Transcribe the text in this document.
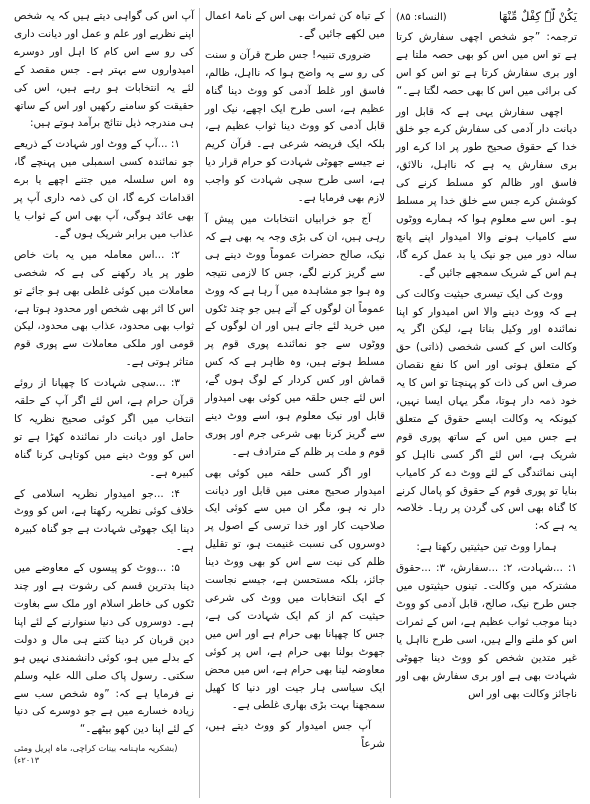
یَکُنْ لَّہٗ کِفْلٌ مِّنْھَا
(النساء: ۸۵)

ترجمہ: ”جو شخص اچھی سفارش کرتا ہے تو اس میں اس کو بھی حصہ ملتا ہے اور بری سفارش کرتا ہے تو اس کو اس کی برائی میں اس کا بھی حصہ لگتا ہے۔“

اچھی سفارش یہی ہے کہ قابل اور دیانت دار آدمی کی سفارش کرے جو خلق خدا کے حقوق صحیح طور پر ادا کرے اور بری سفارش یہ ہے کہ نااہل، نالائق، فاسق اور ظالم کو مسلط کرنے کی کوشش کرے جس سے خلق خدا پر مسلط ہو۔ اس سے معلوم ہوا کہ ہمارے ووٹوں سے کامیاب ہونے والا امیدوار اپنے پانچ سالہ دور میں جو نیک یا بد عمل کرے گا، ہم اس کے شریک سمجھے جائیں گے۔

ووٹ کی ایک تیسری حیثیت وکالت کی ہے کہ ووٹ دینے والا اس امیدوار کو اپنا نمائندہ اور وکیل بناتا ہے، لیکن اگر یہ وکالت اس کے کسی شخصی (ذاتی) حق کے متعلق ہوتی اور اس کا نفع نقصان صرف اس کی ذات کو پہنچتا تو اس کا یہ خود ذمہ دار ہوتا، مگر یہاں ایسا نہیں، کیونکہ یہ وکالت ایسے حقوق کے متعلق ہے جس میں اس کے ساتھ پوری قوم شریک ہے، اس لئے اگر کسی نااہل کو اپنی نمائندگی کے لئے ووٹ دے کر کامیاب بنایا تو پوری قوم کے حقوق کو پامال کرنے کا گناہ بھی اس کی گردن پر رہا۔ خلاصہ یہ ہے کہ:

ہمارا ووٹ تین حیثیتیں رکھتا ہے:

۱: ...شہادت، ۲: ...سفارش، ۳: ...حقوق مشترکہ میں وکالت۔ تینوں حیثیتوں میں جس طرح نیک، صالح، قابل آدمی کو ووٹ دینا موجب ثواب عظیم ہے، اس کے ثمرات اس کو ملنے والے ہیں، اسی طرح نااہل یا غیر متدین شخص کو ووٹ دینا جھوٹی شہادت بھی ہے اور بری سفارش بھی اور ناجائز وکالت بھی اور اس

کے تباہ کن ثمرات بھی اس کے نامۂ اعمال میں لکھے جائیں گے۔

ضروری تنبیہ! جس طرح قرآن و سنت کی رو سے یہ واضح ہوا کہ نااہل، ظالم، فاسق اور غلط آدمی کو ووٹ دینا گناہ عظیم ہے، اسی طرح ایک اچھے، نیک اور قابل آدمی کو ووٹ دینا ثواب عظیم ہے، بلکہ ایک فریضہ شرعی ہے۔ قرآن کریم نے جیسے جھوٹی شہادت کو حرام قرار دیا ہے، اسی طرح سچی شہادت کو واجب لازم بھی فرمایا ہے۔

آج جو خرابیاں انتخابات میں پیش آ رہی ہیں، ان کی بڑی وجہ یہ بھی ہے کہ نیک، صالح حضرات عموماً ووٹ دینے ہی سے گریز کرنے لگے، جس کا لازمی نتیجہ وہ ہوا جو مشاہدہ میں آ رہا ہے کہ ووٹ عموماً ان لوگوں کے آتے ہیں جو چند ٹکوں میں خرید لئے جاتے ہیں اور ان لوگوں کے ووٹوں سے جو نمائندے پوری قوم پر مسلط ہوتے ہیں، وہ ظاہر ہے کہ کس قماش اور کس کردار کے لوگ ہوں گے، اس لئے جس حلقہ میں کوئی بھی امیدوار قابل اور نیک معلوم ہو، اسے ووٹ دینے سے گریز کرنا بھی شرعی جرم اور پوری قوم و ملت پر ظلم کے مترادف ہے۔

اور اگر کسی حلقہ میں کوئی بھی امیدوار صحیح معنی میں قابل اور دیانت دار نہ ہو، مگر ان میں سے کوئی ایک صلاحیت کار اور خدا ترسی کے اصول پر دوسروں کی نسبت غنیمت ہو، تو تقلیل ظلم کی نیت سے اس کو بھی ووٹ دینا جائز، بلکہ مستحسن ہے، جیسے نجاست کے ایک انتخابات میں ووٹ کی شرعی حیثیت کم از کم ایک شہادت کی ہے، جس کا چھپانا بھی حرام ہے اور اس میں جھوٹ بولنا بھی حرام ہے، اس پر کوئی معاوضہ لینا بھی حرام ہے، اس میں محض ایک سیاسی ہار جیت اور دنیا کا کھیل سمجھنا بہت بڑی بھاری غلطی ہے۔

آپ جس امیدوار کو ووٹ دیتے ہیں، شرعاً

آپ اس کی گواہی دیتے ہیں کہ یہ شخص اپنے نظریے اور علم و عمل اور دیانت داری کی رو سے اس کام کا اہل اور دوسرے امیدواروں سے بہتر ہے۔ جس مقصد کے لئے یہ انتخابات ہو رہے ہیں، اس کی حقیقت کو سامنے رکھیں اور اس کے ساتھ ہی مندرجہ ذیل نتائج برآمد ہوتے ہیں:

۱: ...آپ کے ووٹ اور شہادت کے ذریعے جو نمائندہ کسی اسمبلی میں پہنچے گا، وہ اس سلسلہ میں جتنے اچھے یا برے اقدامات کرے گا، ان کی ذمہ داری آپ پر بھی عائد ہوگی، آپ بھی اس کے ثواب یا عذاب میں برابر شریک ہوں گے۔

۲: ...اس معاملہ میں یہ بات خاص طور پر یاد رکھنے کی ہے کہ شخصی معاملات میں کوئی غلطی بھی ہو جائے تو اس کا اثر بھی شخص اور محدود ہوتا ہے، ثواب بھی محدود، عذاب بھی محدود، لیکن قومی اور ملکی معاملات سے پوری قوم متاثر ہوتی ہے۔

۳: ...سچی شہادت کا چھپانا از روئے قرآن حرام ہے، اس لئے اگر آپ کے حلقہ انتخاب میں اگر کوئی صحیح نظریہ کا حامل اور دیانت دار نمائندہ کھڑا ہے تو اس کو ووٹ دینے میں کوتاہی کرنا گناہ کبیرہ ہے۔

۴: ...جو امیدوار نظریہ اسلامی کے خلاف کوئی نظریہ رکھتا ہے، اس کو ووٹ دینا ایک جھوٹی شہادت ہے جو گناہ کبیرہ ہے۔

۵: ...ووٹ کو پیسوں کے معاوضے میں دینا بدترین قسم کی رشوت ہے اور چند ٹکوں کی خاطر اسلام اور ملک سے بغاوت ہے۔ دوسروں کی دنیا سنوارنے کے لئے اپنا دین قربان کر دینا کتنے ہی مال و دولت کے بدلے میں ہو، کوئی دانشمندی نہیں ہو سکتی۔ رسول پاک صلی اللہ علیہ وسلم نے فرمایا ہے کہ: ”وہ شخص سب سے زیادہ خسارے میں ہے جو دوسرے کی دنیا کے لئے اپنا دین کھو بیٹھے۔“

(بشکریہ ماہنامہ بینات کراچی، ماہ اپریل ومئی ۲۰۱۳ء)
